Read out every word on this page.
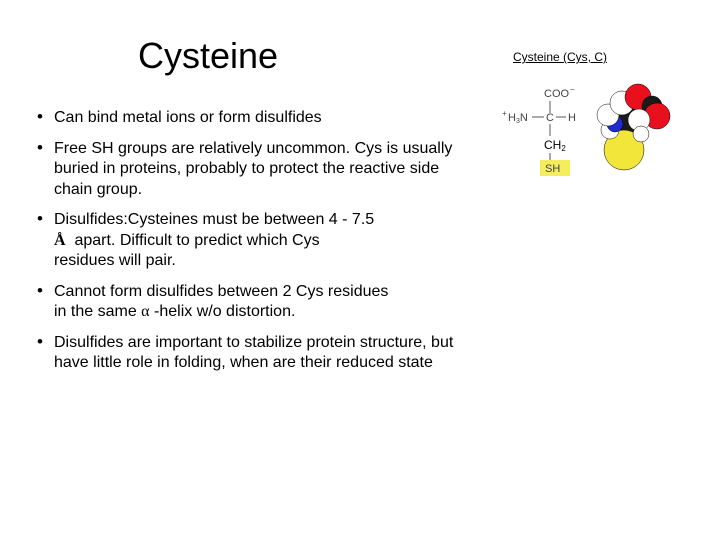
Cysteine
• Can bind metal ions or form disulfides
• Free SH groups are relatively uncommon. Cys is usually buried in proteins, probably to protect the reactive side chain group.
• Disulfides:Cysteines must be between 4 - 7.5
Å apart. Difficult to predict which Cys
residues will pair.
• Cannot form disulfides between 2 Cys residues
in the same α -helix w/o distortion.
• Disulfides are important to stabilize protein structure, but have little role in folding, when are their reduced state
Cysteine (Cys, C)
COO −
+ H3N C H
CH2
SH
